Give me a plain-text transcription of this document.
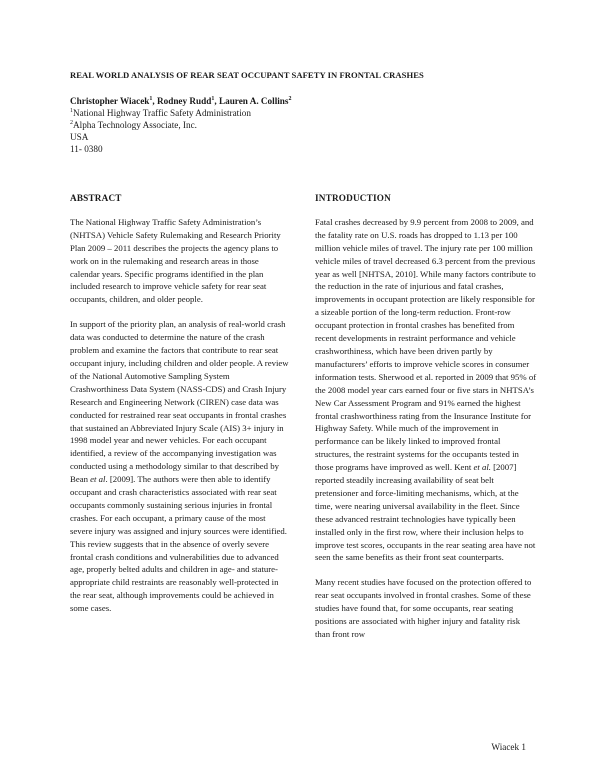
REAL WORLD ANALYSIS OF REAR SEAT OCCUPANT SAFETY IN FRONTAL CRASHES
Christopher Wiacek$^1$, Rodney Rudd$^1$, Lauren A. Collins$^2$
$^1$National Highway Traffic Safety Administration
$^2$Alpha Technology Associate, Inc.
USA
11- 0380
ABSTRACT

The National Highway Traffic Safety Administration’s (NHTSA) Vehicle Safety Rulemaking and Research Priority Plan 2009 – 2011 describes the projects the agency plans to work on in the rulemaking and research areas in those calendar years. Specific programs identified in the plan included research to improve vehicle safety for rear seat occupants, children, and older people.

In support of the priority plan, an analysis of real-world crash data was conducted to determine the nature of the crash problem and examine the factors that contribute to rear seat occupant injury, including children and older people. A review of the National Automotive Sampling System Crashworthiness Data System (NASS-CDS) and Crash Injury Research and Engineering Network (CIREN) case data was conducted for restrained rear seat occupants in frontal crashes that sustained an Abbreviated Injury Scale (AIS) 3+ injury in 1998 model year and newer vehicles. For each occupant identified, a review of the accompanying investigation was conducted using a methodology similar to that described by Bean et al. [2009]. The authors were then able to identify occupant and crash characteristics associated with rear seat occupants commonly sustaining serious injuries in frontal crashes. For each occupant, a primary cause of the most severe injury was assigned and injury sources were identified. This review suggests that in the absence of overly severe frontal crash conditions and vulnerabilities due to advanced age, properly belted adults and children in age- and stature-appropriate child restraints are reasonably well-protected in the rear seat, although improvements could be achieved in some cases.

INTRODUCTION

Fatal crashes decreased by 9.9 percent from 2008 to 2009, and the fatality rate on U.S. roads has dropped to 1.13 per 100 million vehicle miles of travel. The injury rate per 100 million vehicle miles of travel decreased 6.3 percent from the previous year as well [NHTSA, 2010]. While many factors contribute to the reduction in the rate of injurious and fatal crashes, improvements in occupant protection are likely responsible for a sizeable portion of the long-term reduction. Front-row occupant protection in frontal crashes has benefited from recent developments in restraint performance and vehicle crashworthiness, which have been driven partly by manufacturers’ efforts to improve vehicle scores in consumer information tests. Sherwood et al. reported in 2009 that 95% of the 2008 model year cars earned four or five stars in NHTSA’s New Car Assessment Program and 91% earned the highest frontal crashworthiness rating from the Insurance Institute for Highway Safety. While much of the improvement in performance can be likely linked to improved frontal structures, the restraint systems for the occupants tested in those programs have improved as well. Kent et al. [2007] reported steadily increasing availability of seat belt pretensioner and force-limiting mechanisms, which, at the time, were nearing universal availability in the fleet. Since these advanced restraint technologies have typically been installed only in the first row, where their inclusion helps to improve test scores, occupants in the rear seating area have not seen the same benefits as their front seat counterparts.

Many recent studies have focused on the protection offered to rear seat occupants involved in frontal crashes. Some of these studies have found that, for some occupants, rear seating positions are associated with higher injury and fatality risk than front row

Wiacek 1
